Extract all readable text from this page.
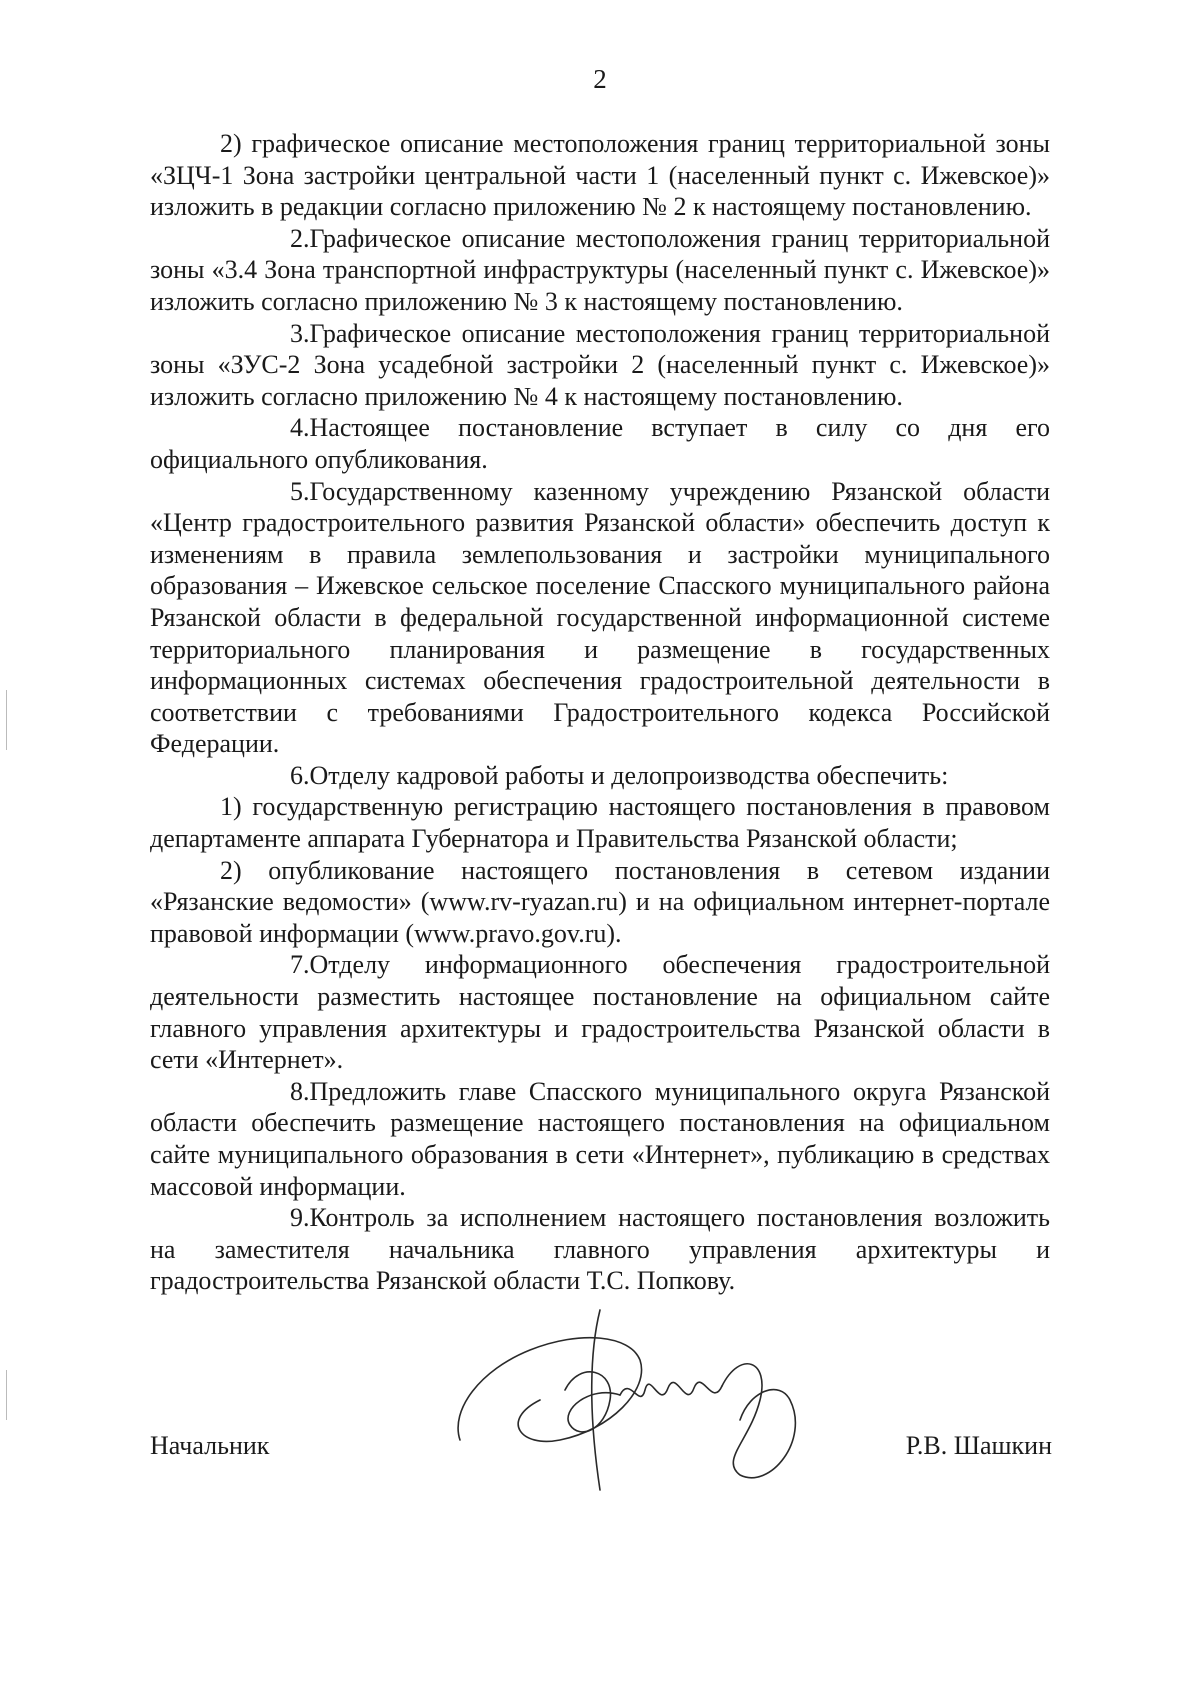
2

2) графическое описание местоположения границ территориальной зоны «ЗЦЧ-1 Зона застройки центральной части 1 (населенный пункт с. Ижевское)» изложить в редакции согласно приложению № 2 к настоящему постановлению.

2.Графическое описание местоположения границ территориальной зоны «3.4 Зона транспортной инфраструктуры (населенный пункт с. Ижевское)» изложить согласно приложению № 3 к настоящему постановлению.

3.Графическое описание местоположения границ территориальной зоны «ЗУС-2 Зона усадебной застройки 2 (населенный пункт с. Ижевское)» изложить согласно приложению № 4 к настоящему постановлению.

4.Настоящее постановление вступает в силу со дня его официального опубликования.

5.Государственному казенному учреждению Рязанской области «Центр градостроительного развития Рязанской области» обеспечить доступ к изменениям в правила землепользования и застройки муниципального образования – Ижевское сельское поселение Спасского муниципального района Рязанской области в федеральной государственной информационной системе территориального планирования и размещение в государственных информационных системах обеспечения градостроительной деятельности в соответствии с требованиями Градостроительного кодекса Российской Федерации.

6.Отделу кадровой работы и делопроизводства обеспечить:

1) государственную регистрацию настоящего постановления в правовом департаменте аппарата Губернатора и Правительства Рязанской области;

2) опубликование настоящего постановления в сетевом издании «Рязанские ведомости» (www.rv-ryazan.ru) и на официальном интернет-портале правовой информации (www.pravo.gov.ru).

7.Отделу информационного обеспечения градостроительной деятельности разместить настоящее постановление на официальном сайте главного управления архитектуры и градостроительства Рязанской области в сети «Интернет».

8.Предложить главе Спасского муниципального округа Рязанской области обеспечить размещение настоящего постановления на официальном сайте муниципального образования в сети «Интернет», публикацию в средствах массовой информации.

9.Контроль за исполнением настоящего постановления возложить на заместителя начальника главного управления архитектуры и градостроительства Рязанской области Т.С. Попкову.

Начальник	Р.В. Шашкин
